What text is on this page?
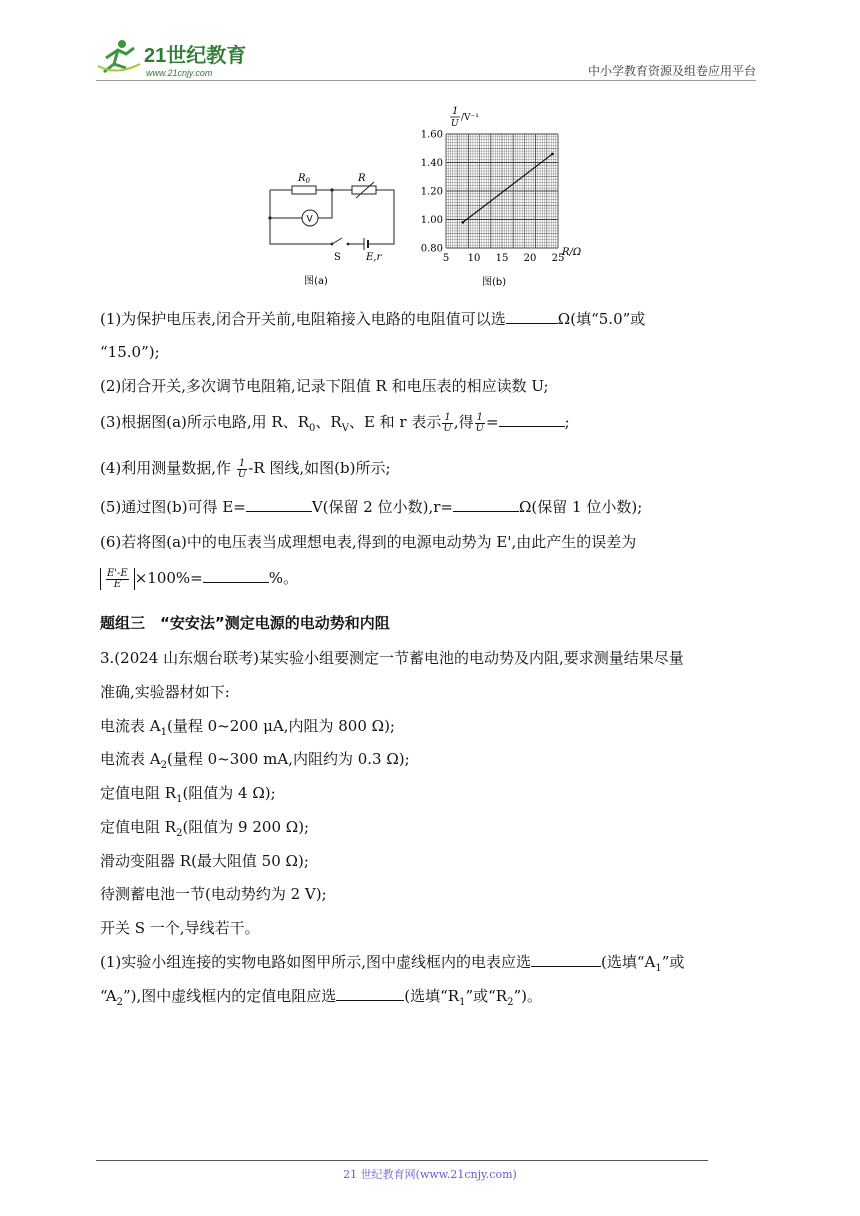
21世纪教育
www.21cnjy.com	中小学教育资源及组卷应用平台
$R_0$	R
V
S	E,r
图(a)
1.60
1.40
1.20
1.00
0.80
5 10 15 20 25
1
U
/V⁻¹
R/Ω
图(b)
(1)为保护电压表,闭合开关前,电阻箱接入电路的电阻值可以选	Ω(填“5.0”或
“15.0”);
(2)闭合开关,多次调节电阻箱,记录下阻值 R 和电压表的相应读数 U;
(3)根据图(a)所示电路,用 R、$R_0$、$R_V$、E 和 r 表示 $\frac{1}{U}$ ,得 $\frac{1}{U}$ =	;
(4)利用测量数据,作 $\frac{1}{U} -R$ 图线,如图(b)所示;
(5)通过图(b)可得 E=	V(保留 2 位小数),r=	Ω(保留 1 位小数);
(6)若将图(a)中的电压表当成理想电表,得到的电源电动势为 E',由此产生的误差为
$\frac{E'-E}{E} \times 100\%=$	%。
题组三　“安安法”测定电源的电动势和内阻
3.(2024 山东烟台联考)某实验小组要测定一节蓄电池的电动势及内阻,要求测量结果尽量
准确,实验器材如下:
电流表 $A_1$(量程 0~200 μA,内阻为 800 Ω);
电流表 $A_2$(量程 0~300 mA,内阻约为 0.3 Ω);
定值电阻 $R_1$(阻值为 4 Ω);
定值电阻 $R_2$(阻值为 9 200 Ω);
滑动变阻器 R(最大阻值 50 Ω);
待测蓄电池一节(电动势约为 2 V);
开关 S 一个,导线若干。
(1)实验小组连接的实物电路如图甲所示,图中虚线框内的电表应选	(选填“$A_1$”或
“$A_2$”),图中虚线框内的定值电阻应选	(选填“$R_1$”或“$R_2$”)。
21 世纪教育网(www.21cnjy.com)
